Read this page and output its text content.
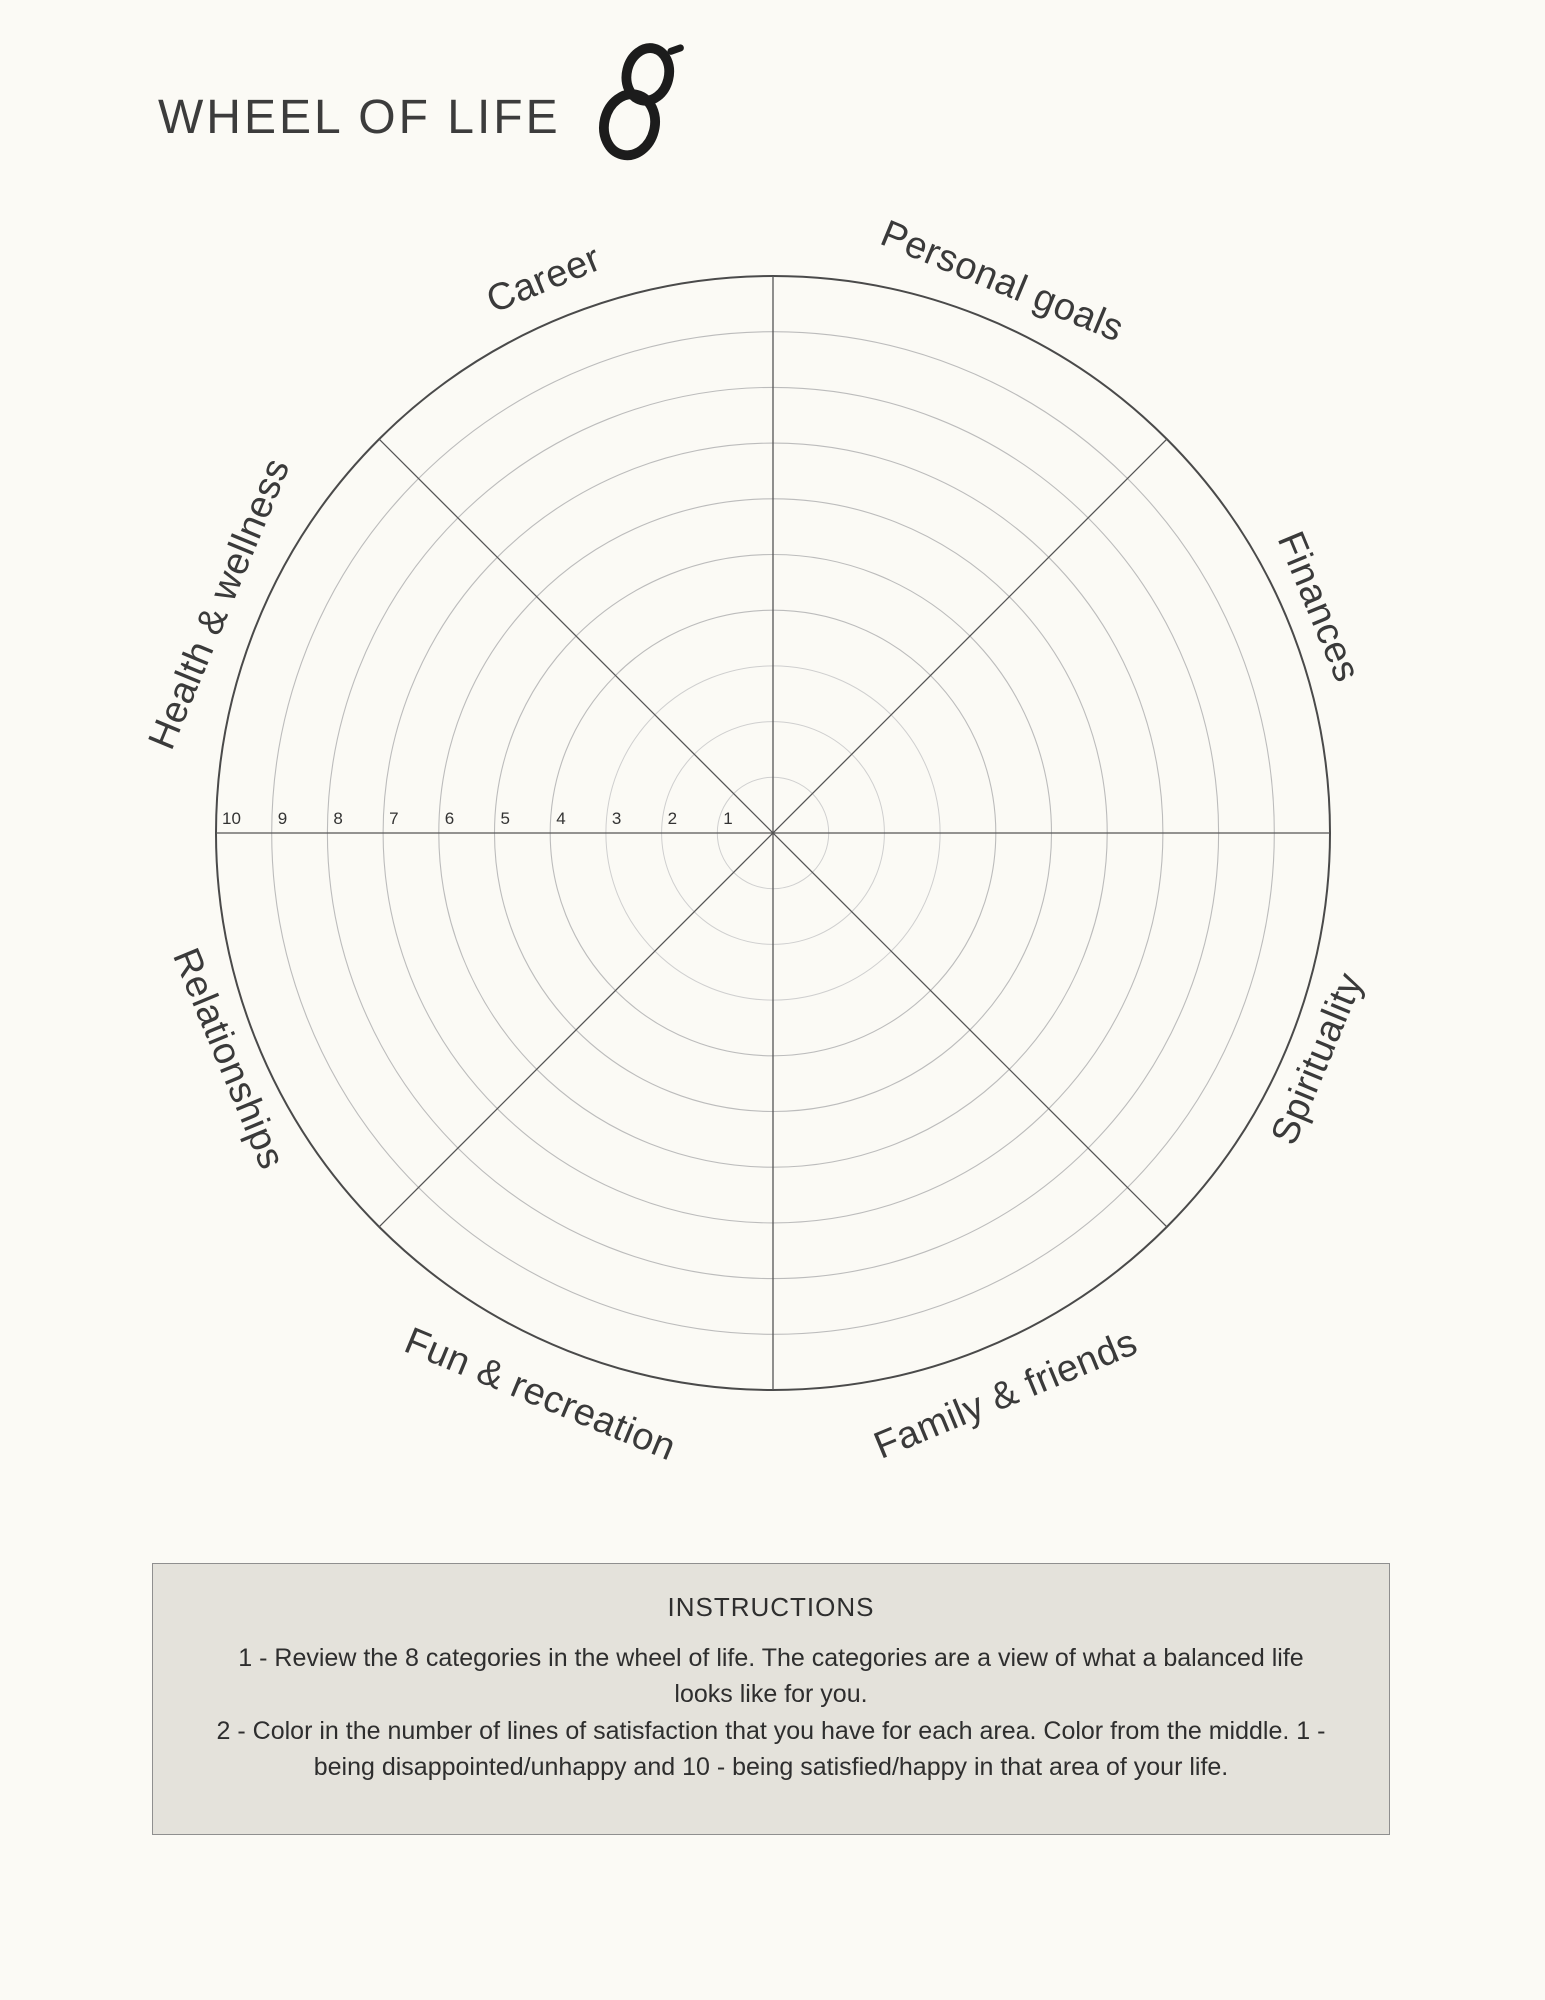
WHEEL OF LIFE
10 9	8	7	6	5	4	3	2	1
Career	Personal goals
Finances
Spirituality
Family & friends
Fun & recreation
Relationships
Health & wellness
INSTRUCTIONS

1 - Review the 8 categories in the wheel of life. The categories are a view of what a balanced life looks like for you.

2 - Color in the number of lines of satisfaction that you have for each area. Color from the middle. 1 - being disappointed/unhappy and 10 - being satisfied/happy in that area of your life.
